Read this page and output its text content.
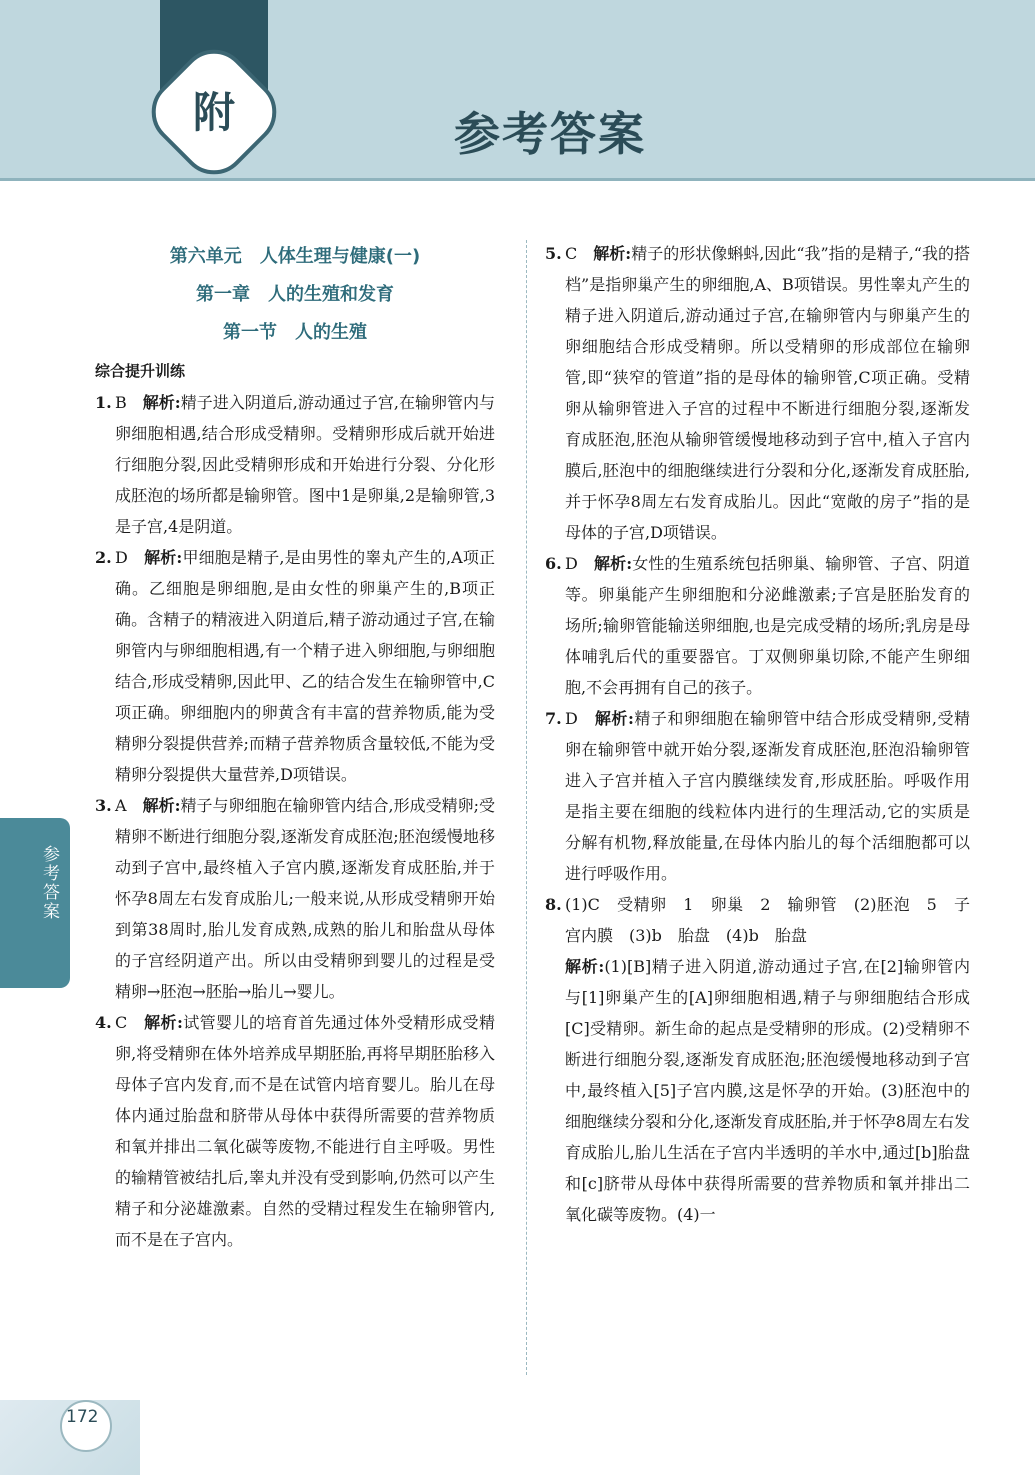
附	参考答案
参考答案
第六单元　人体生理与健康(一)
第一章　人的生殖和发育
第一节　人的生殖
综合提升训练

1. B　 解析:精子进入阴道后,游动通过子宫,在输卵管内与卵细胞相遇,结合形成受精卵。受精卵形成后就开始进行细胞分裂,因此受精卵形成和开始进行分裂、分化形成胚泡的场所都是输卵管。图中1是卵巢,2是输卵管,3是子宫,4是阴道。

2. D　 解析:甲细胞是精子,是由男性的睾丸产生的,A项正确。乙细胞是卵细胞,是由女性的卵巢产生的,B项正确。含精子的精液进入阴道后,精子游动通过子宫,在输卵管内与卵细胞相遇,有一个精子进入卵细胞,与卵细胞结合,形成受精卵,因此甲、乙的结合发生在输卵管中,C项正确。卵细胞内的卵黄含有丰富的营养物质,能为受精卵分裂提供营养;而精子营养物质含量较低,不能为受精卵分裂提供大量营养,D项错误。

3. A　 解析:精子与卵细胞在输卵管内结合,形成受精卵;受精卵不断进行细胞分裂,逐渐发育成胚泡;胚泡缓慢地移动到子宫中,最终植入子宫内膜,逐渐发育成胚胎,并于怀孕8周左右发育成胎儿;一般来说,从形成受精卵开始到第38周时,胎儿发育成熟,成熟的胎儿和胎盘从母体的子宫经阴道产出。所以由受精卵到婴儿的过程是受精卵→胚泡→胚胎→胎儿→婴儿。

4. C　 解析:试管婴儿的培育首先通过体外受精形成受精卵,将受精卵在体外培养成早期胚胎,再将早期胚胎移入母体子宫内发育,而不是在试管内培育婴儿。胎儿在母体内通过胎盘和脐带从母体中获得所需要的营养物质和氧并排出二氧化碳等废物,不能进行自主呼吸。男性的输精管被结扎后,睾丸并没有受到影响,仍然可以产生精子和分泌雄激素。自然的受精过程发生在输卵管内,而不是在子宫内。

5. C　 解析:精子的形状像蝌蚪,因此“我”指的是精子,“我的搭档”是指卵巢产生的卵细胞,A、B项错误。男性睾丸产生的精子进入阴道后,游动通过子宫,在输卵管内与卵巢产生的卵细胞结合形成受精卵。所以受精卵的形成部位在输卵管,即“狭窄的管道”指的是母体的输卵管,C项正确。受精卵从输卵管进入子宫的过程中不断进行细胞分裂,逐渐发育成胚泡,胚泡从输卵管缓慢地移动到子宫中,植入子宫内膜后,胚泡中的细胞继续进行分裂和分化,逐渐发育成胚胎,并于怀孕8周左右发育成胎儿。因此“宽敞的房子”指的是母体的子宫,D项错误。

6. D　 解析:女性的生殖系统包括卵巢、输卵管、子宫、阴道等。卵巢能产生卵细胞和分泌雌激素;子宫是胚胎发育的场所;输卵管能输送卵细胞,也是完成受精的场所;乳房是母体哺乳后代的重要器官。丁双侧卵巢切除,不能产生卵细胞,不会再拥有自己的孩子。

7. D　 解析:精子和卵细胞在输卵管中结合形成受精卵,受精卵在输卵管中就开始分裂,逐渐发育成胚泡,胚泡沿输卵管进入子宫并植入子宫内膜继续发育,形成胚胎。呼吸作用是指主要在细胞的线粒体内进行的生理活动,它的实质是分解有机物,释放能量,在母体内胎儿的每个活细胞都可以进行呼吸作用。

8. (1)C　受精卵　1　卵巢　2　输卵管　(2)胚泡　5　子宫内膜　(3)b　胎盘　(4)b　胎盘
解析:(1)[B]精子进入阴道,游动通过子宫,在[2]输卵管内与[1]卵巢产生的[A]卵细胞相遇,精子与卵细胞结合形成[C]受精卵。新生命的起点是受精卵的形成。(2)受精卵不断进行细胞分裂,逐渐发育成胚泡;胚泡缓慢地移动到子宫中,最终植入[5]子宫内膜,这是怀孕的开始。(3)胚泡中的细胞继续分裂和分化,逐渐发育成胚胎,并于怀孕8周左右发育成胎儿,胎儿生活在子宫内半透明的羊水中,通过[b]胎盘和[c]脐带从母体中获得所需要的营养物质和氧并排出二氧化碳等废物。(4)一

172
